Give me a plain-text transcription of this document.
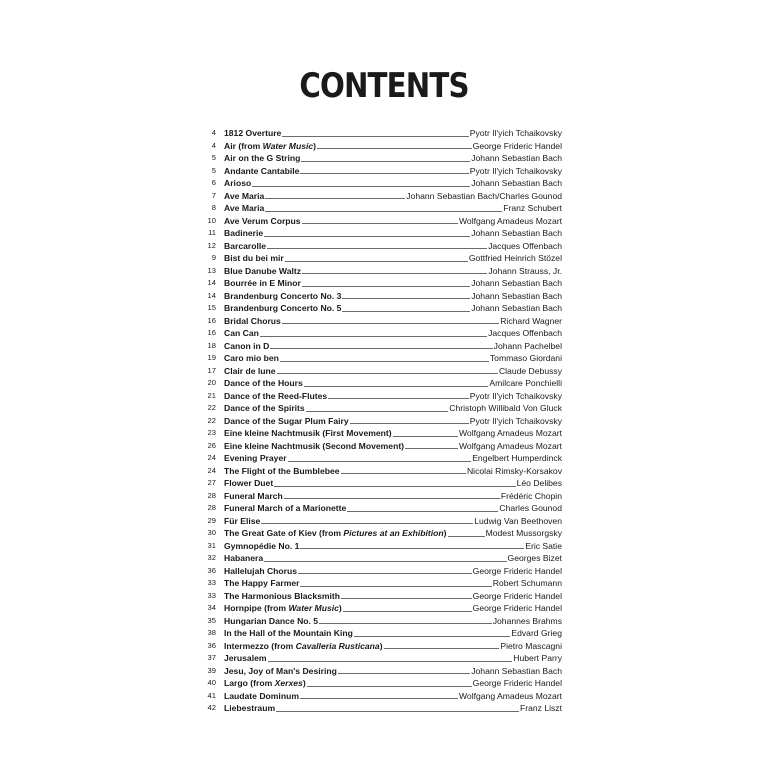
CONTENTS
4 1812 Overture	Pyotr Il'yich Tchaikovsky
4 Air (from Water Music)	George Frideric Handel
5 Air on the G String	Johann Sebastian Bach
5 Andante Cantabile	Pyotr Il'yich Tchaikovsky
6 Arioso	Johann Sebastian Bach
7 Ave Maria	Johann Sebastian Bach/Charles Gounod
8 Ave Maria	Franz Schubert
10 Ave Verum Corpus	Wolfgang Amadeus Mozart
11 Badinerie	Johann Sebastian Bach
12 Barcarolle	Jacques Offenbach
9 Bist du bei mir	Gottfried Heinrich Stözel
13 Blue Danube Waltz	Johann Strauss, Jr.
14 Bourrée in E Minor	Johann Sebastian Bach
14 Brandenburg Concerto No. 3	Johann Sebastian Bach
15 Brandenburg Concerto No. 5	Johann Sebastian Bach
16 Bridal Chorus	Richard Wagner
16 Can Can	Jacques Offenbach
18 Canon in D	Johann Pachelbel
19 Caro mio ben	Tommaso Giordani
17 Clair de lune	Claude Debussy
20 Dance of the Hours	Amilcare Ponchielli
21 Dance of the Reed-Flutes	Pyotr Il'yich Tchaikovsky
22 Dance of the Spirits	Christoph Willibald Von Gluck
22 Dance of the Sugar Plum Fairy	Pyotr Il'yich Tchaikovsky
23 Eine kleine Nachtmusik (First Movement)	Wolfgang Amadeus Mozart
26 Eine kleine Nachtmusik (Second Movement)	Wolfgang Amadeus Mozart
24 Evening Prayer	Engelbert Humperdinck
24 The Flight of the Bumblebee	Nicolai Rimsky-Korsakov
27 Flower Duet	Léo Delibes
28 Funeral March	Frédéric Chopin
28 Funeral March of a Marionette	Charles Gounod
29 Für Elise	Ludwig Van Beethoven
30 The Great Gate of Kiev (from Pictures at an Exhibition)	Modest Mussorgsky
31 Gymnopédie No. 1	Eric Satie
32 Habanera	Georges Bizet
36 Hallelujah Chorus	George Frideric Handel
33 The Happy Farmer	Robert Schumann
33 The Harmonious Blacksmith	George Frideric Handel
34 Hornpipe (from Water Music)	George Frideric Handel
35 Hungarian Dance No. 5	Johannes Brahms
38 In the Hall of the Mountain King	Edvard Grieg
36 Intermezzo (from Cavalleria Rusticana)	Pietro Mascagni
37 Jerusalem	Hubert Parry
39 Jesu, Joy of Man's Desiring	Johann Sebastian Bach
40 Largo (from Xerxes)	George Frideric Handel
41 Laudate Dominum	Wolfgang Amadeus Mozart
42 Liebestraum	Franz Liszt
